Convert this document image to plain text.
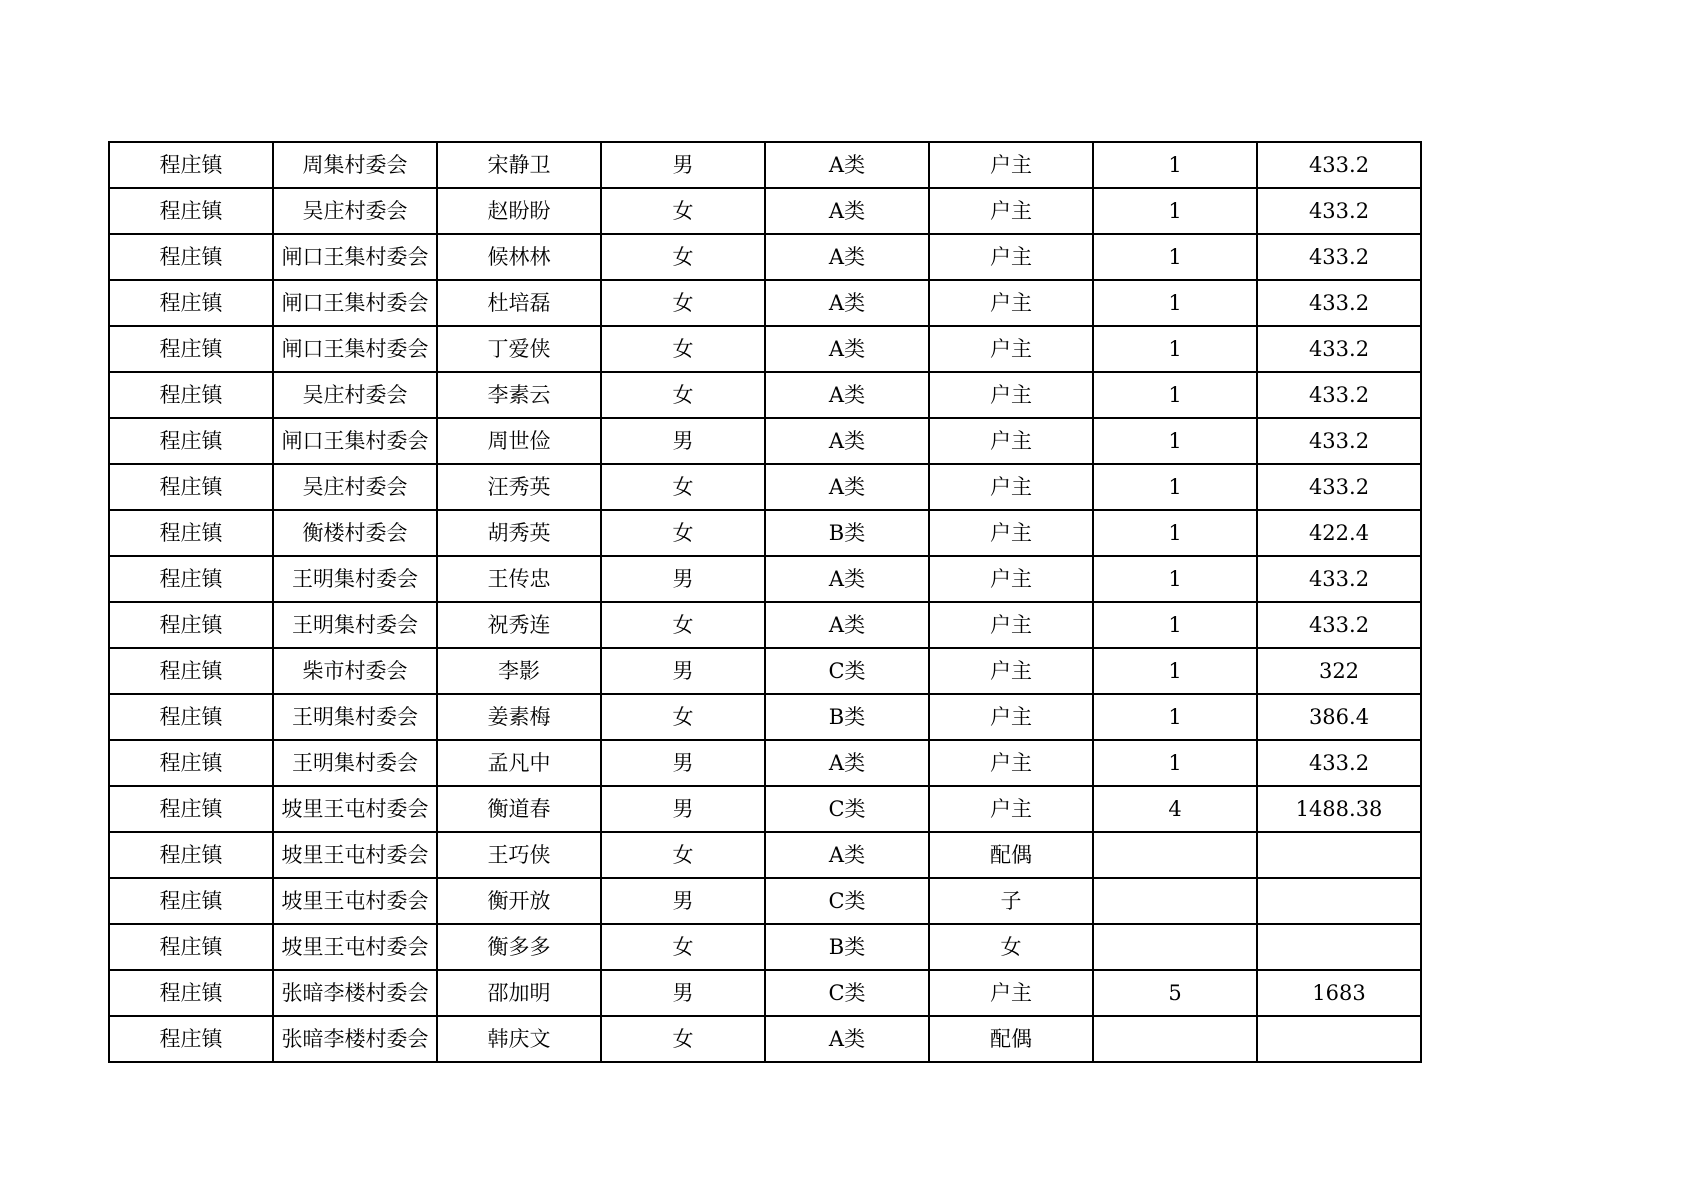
程庄镇	周集村委会	宋静卫	男	A类	户主	1	433.2
程庄镇	吴庄村委会	赵盼盼	女	A类	户主	1	433.2
程庄镇	闸口王集村委会	候林林	女	A类	户主	1	433.2
程庄镇	闸口王集村委会	杜培磊	女	A类	户主	1	433.2
程庄镇	闸口王集村委会	丁爱侠	女	A类	户主	1	433.2
程庄镇	吴庄村委会	李素云	女	A类	户主	1	433.2
程庄镇	闸口王集村委会	周世俭	男	A类	户主	1	433.2
程庄镇	吴庄村委会	汪秀英	女	A类	户主	1	433.2
程庄镇	衡楼村委会	胡秀英	女	B类	户主	1	422.4
程庄镇	王明集村委会	王传忠	男	A类	户主	1	433.2
程庄镇	王明集村委会	祝秀连	女	A类	户主	1	433.2
程庄镇	柴市村委会	李影	男	C类	户主	1	322
程庄镇	王明集村委会	姜素梅	女	B类	户主	1	386.4
程庄镇	王明集村委会	孟凡中	男	A类	户主	1	433.2
程庄镇	坡里王屯村委会	衡道春	男	C类	户主	4	1488.38
程庄镇	坡里王屯村委会	王巧侠	女	A类	配偶		
程庄镇	坡里王屯村委会	衡开放	男	C类	子		
程庄镇	坡里王屯村委会	衡多多	女	B类	女		
程庄镇	张暗李楼村委会	邵加明	男	C类	户主	5	1683
程庄镇	张暗李楼村委会	韩庆文	女	A类	配偶		
